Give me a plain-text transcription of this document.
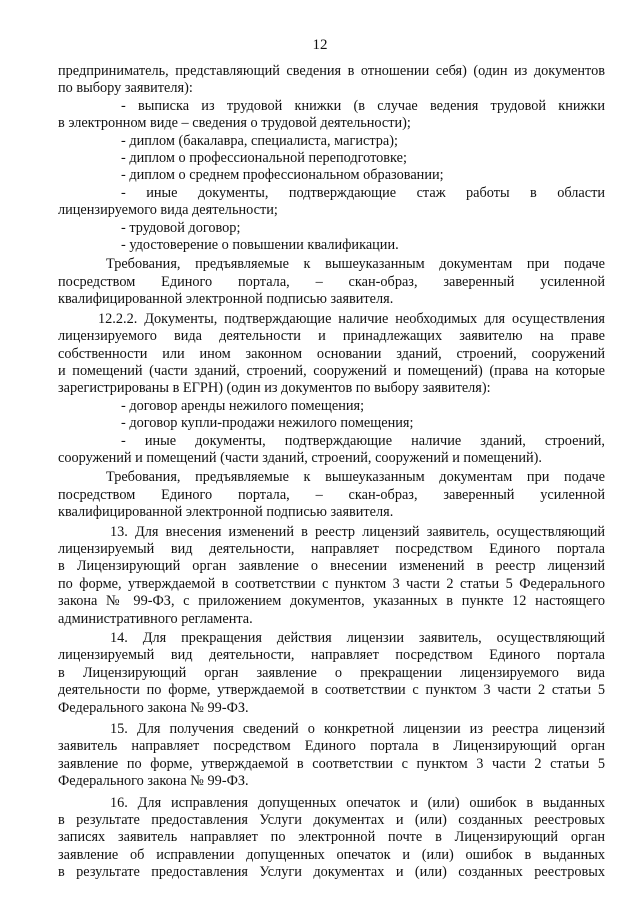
12
предприниматель, представляющий сведения в отношении себя) (один из документов
по выбору заявителя):
- выписка из трудовой книжки (в случае ведения трудовой книжки
в электронном виде – сведения о трудовой деятельности);
- диплом (бакалавра, специалиста, магистра);
- диплом о профессиональной переподготовке;
- диплом о среднем профессиональном образовании;
- иные документы, подтверждающие стаж работы в области
лицензируемого вида деятельности;
- трудовой договор;
- удостоверение о повышении квалификации.
Требования, предъявляемые к вышеуказанным документам при подаче
посредством Единого портала, – скан-образ, заверенный усиленной
квалифицированной электронной подписью заявителя.
12.2.2. Документы, подтверждающие наличие необходимых для осуществления
лицензируемого вида деятельности и принадлежащих заявителю на праве
собственности или ином законном основании зданий, строений, сооружений
и помещений (части зданий, строений, сооружений и помещений) (права на которые
зарегистрированы в ЕГРН) (один из документов по выбору заявителя):
- договор аренды нежилого помещения;
- договор купли-продажи нежилого помещения;
- иные документы, подтверждающие наличие зданий, строений,
сооружений и помещений (части зданий, строений, сооружений и помещений).
Требования, предъявляемые к вышеуказанным документам при подаче
посредством Единого портала, – скан-образ, заверенный усиленной
квалифицированной электронной подписью заявителя.
13. Для внесения изменений в реестр лицензий заявитель, осуществляющий
лицензируемый вид деятельности, направляет посредством Единого портала
в Лицензирующий орган заявление о внесении изменений в реестр лицензий
по форме, утверждаемой в соответствии с пунктом 3 части 2 статьи 5 Федерального
закона № 99-ФЗ, с приложением документов, указанных в пункте 12 настоящего
административного регламента.
14. Для прекращения действия лицензии заявитель, осуществляющий
лицензируемый вид деятельности, направляет посредством Единого портала
в Лицензирующий орган заявление о прекращении лицензируемого вида
деятельности по форме, утверждаемой в соответствии с пунктом 3 части 2 статьи 5
Федерального закона № 99-ФЗ.
15. Для получения сведений о конкретной лицензии из реестра лицензий
заявитель направляет посредством Единого портала в Лицензирующий орган
заявление по форме, утверждаемой в соответствии с пунктом 3 части 2 статьи 5
Федерального закона № 99-ФЗ.
16. Для исправления допущенных опечаток и (или) ошибок в выданных
в результате предоставления Услуги документах и (или) созданных реестровых
записях заявитель направляет по электронной почте в Лицензирующий орган
заявление об исправлении допущенных опечаток и (или) ошибок в выданных
в результате предоставления Услуги документах и (или) созданных реестровых
